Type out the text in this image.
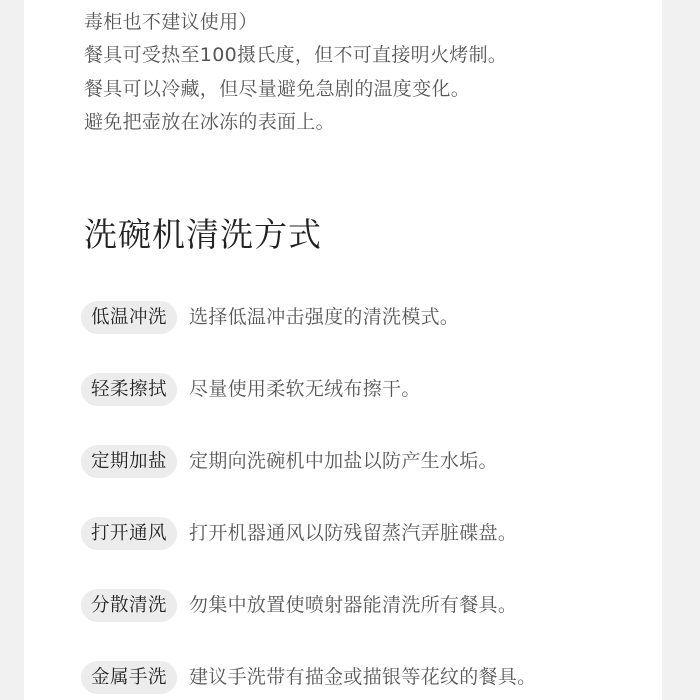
毒柜也不建议使用）
餐具可受热至100摄氏度，但不可直接明火烤制。
餐具可以冷藏，但尽量避免急剧的温度变化。
避免把壶放在冰冻的表面上。
洗碗机清洗方式
低温冲洗	选择低温冲击强度的清洗模式。
轻柔擦拭	尽量使用柔软无绒布擦干。
定期加盐	定期向洗碗机中加盐以防产生水垢。
打开通风	打开机器通风以防残留蒸汽弄脏碟盘。
分散清洗	勿集中放置使喷射器能清洗所有餐具。
金属手洗	建议手洗带有描金或描银等花纹的餐具。
